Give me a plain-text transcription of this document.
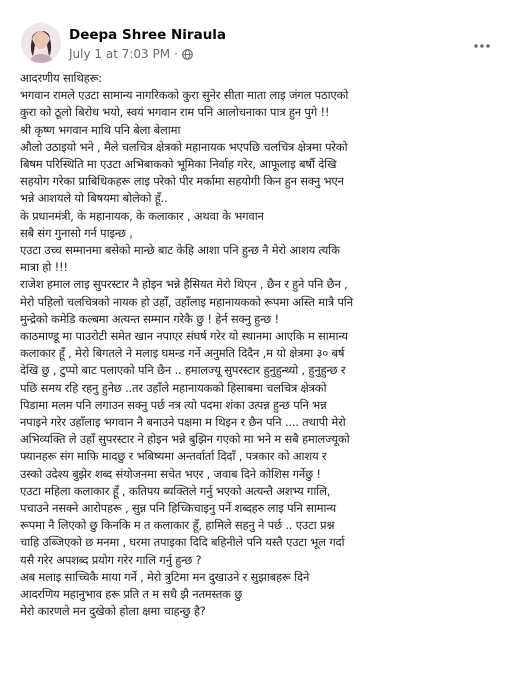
Deepa Shree Niraula
July 1 at 7:03 PM ·
आदरणीय साथिहरू:
भगवान रामले एउटा सामान्य नागरिकको कुरा सुनेर सीता माता लाइ जंगल पठाएको
कुरा को ठूलो बिरोध भयो, स्वयं भगवान राम पनि आलोचनाका पात्र हुन पुगे !!
श्री कृष्ण भगवान माथि पनि बेला बेलामा
औलो उठाइयो भने , मैले चलचित्र क्षेत्रको महानायक भएपछि चलचित्र क्षेत्रमा परेको
बिषम परिस्थिति मा एउटा अभिबाकको भूमिका निर्वाह गरेर, आफूलाइ बर्षौ देखि
सहयोग गरेका प्राबिधिकहरू लाइ परेको पीर मर्कामा सहयोगी किन हुन सक्नु भएन
भन्ने आशयले यो बिषयमा बोलेको हूँ..
के प्रधानमंत्री, के महानायक, के कलाकार , अथवा के भगवान
सबै संग गुनासो गर्न पाइन्छ ,
एउटा उच्च सम्मानमा बसेको मान्छे बाट केहि आशा पनि हुन्छ नै मेरो आशय त्यकि
मात्रा हो !!!
राजेश हमाल लाइ सुपरस्टार नै होइन भन्ने हैसियत मेरो थिएन , छैन र हुने पनि छैन ,
मेरो पहिलो चलचित्रको नायक हो उहाँ, उहाँलाइ महानायकको रूपमा अस्ति मात्रै पनि
मुन्द्रेको कमेडि कल्बमा अत्यन्त सम्मान गरेकै छु ! हेर्न सक्नु हुन्छ !
काठमाण्डू मा पाउरोटी समेत खान नपाएर संघर्ष गरेर यो स्थानमा आएकि म सामान्य
कलाकार हूँ , मेरो बिगतले ने मलाइ घमन्ड गर्ने अनुमति दिदैन ,म यो क्षेत्रमा ३० बर्ष
देखि छु , टुप्पो बाट पलाएको पनि छैन .. हमालज्यू सुपरस्टार हुनुहुन्थ्यो , हुनुहुन्छ र
पछि समय रहि रहनु हुनेछ ..तर उहाँले महानायकको हिसाबमा चलचित्र क्षेत्रको
पिडामा मलम पनि लगाउन सक्नु पर्छ नत्र त्यो पदमा शंका उत्पन्न हुन्छ पनि भन्न
नपाइने गरेर उहाँलाइ भगवान नै बनाउने पक्षमा म थिइन र छैन पनि .... तथापी मेरो
अभिव्यक्ति ले उहाँ सुपरस्टार ने होइन भन्ने बुझिन गएको मा भने म सबै हमालज्यूको
फ्यानहरू संग माफि मादछु र भबिष्यमा अन्तर्वार्ता दिदाँ , पत्रकार को आशय र
उस्को उदेश्य बुझेर शब्द संयोजनमा सचेत भएर , जवाब दिने कोशिस गर्नेछु !
एउटा महिला कलाकार हूँ , कतिपय ब्यक्तिले गर्नु भएको अत्यन्तै अशभ्य गालि,
पचाउने नसक्ने आरोपहरू , सुन्न पनि हिच्किचाइनु पर्ने शब्दहरु लाइ पनि सामान्य
रूपमा नै लिएको छु किनकि म त कलाकार हूँ, हामिले सहनु ने पर्छ .. एउटा प्रश्न
चाहि उब्जिएको छ मनमा , घरमा तपाइका दिदि बहिनीले पनि यस्तै एउटा भूल गर्दा
यसै गरेर अपशब्द प्रयोग गरेर गालि गर्नु हुन्छ ?
अब मलाइ साच्चिकै माया गर्ने , मेरो त्रुटिमा मन दुखाउने र सुझाबहरू दिने
आदरणिय महानुभाव हरू प्रति त म सधै झै नतमस्तक छु
मेरो कारणले मन दुखेको होला क्षमा चाहन्छु है?
